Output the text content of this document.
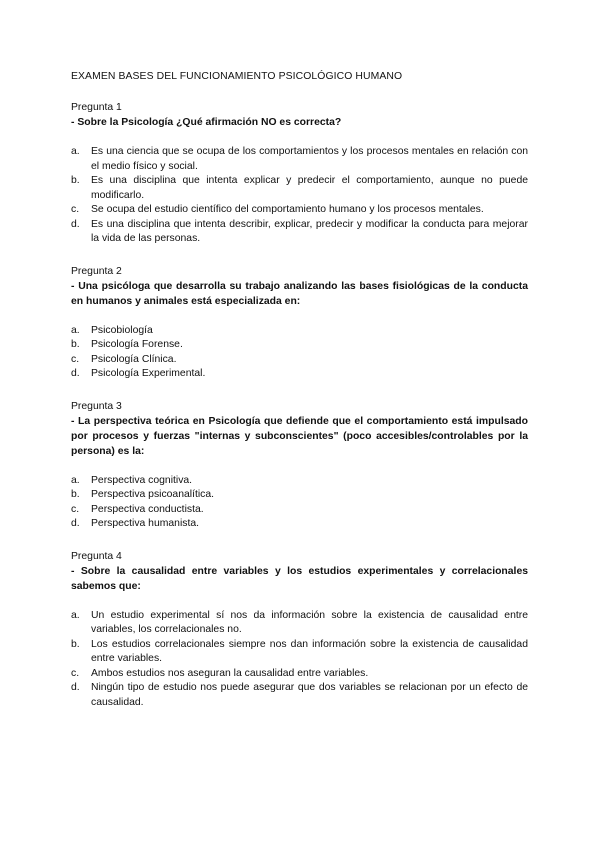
EXAMEN BASES DEL FUNCIONAMIENTO PSICOLÓGICO HUMANO

Pregunta 1

- Sobre la Psicología ¿Qué afirmación NO es correcta?

a. Es una ciencia que se ocupa de los comportamientos y los procesos mentales en relación con el medio físico y social.
b. Es una disciplina que intenta explicar y predecir el comportamiento, aunque no puede modificarlo.
c. Se ocupa del estudio científico del comportamiento humano y los procesos mentales.
d. Es una disciplina que intenta describir, explicar, predecir y modificar la conducta para mejorar la vida de las personas.

Pregunta 2

- Una psicóloga que desarrolla su trabajo analizando las bases fisiológicas de la conducta en humanos y animales está especializada en:

a. Psicobiología
b. Psicología Forense.
c. Psicología Clínica.
d. Psicología Experimental.

Pregunta 3

- La perspectiva teórica en Psicología que defiende que el comportamiento está impulsado por procesos y fuerzas "internas y subconscientes" (poco accesibles/controlables por la persona) es la:

a. Perspectiva cognitiva.
b. Perspectiva psicoanalítica.
c. Perspectiva conductista.
d. Perspectiva humanista.

Pregunta 4

- Sobre la causalidad entre variables y los estudios experimentales y correlacionales sabemos que:

a. Un estudio experimental sí nos da información sobre la existencia de causalidad entre variables, los correlacionales no.
b. Los estudios correlacionales siempre nos dan información sobre la existencia de causalidad entre variables.
c. Ambos estudios nos aseguran la causalidad entre variables.
d. Ningún tipo de estudio nos puede asegurar que dos variables se relacionan por un efecto de causalidad.
